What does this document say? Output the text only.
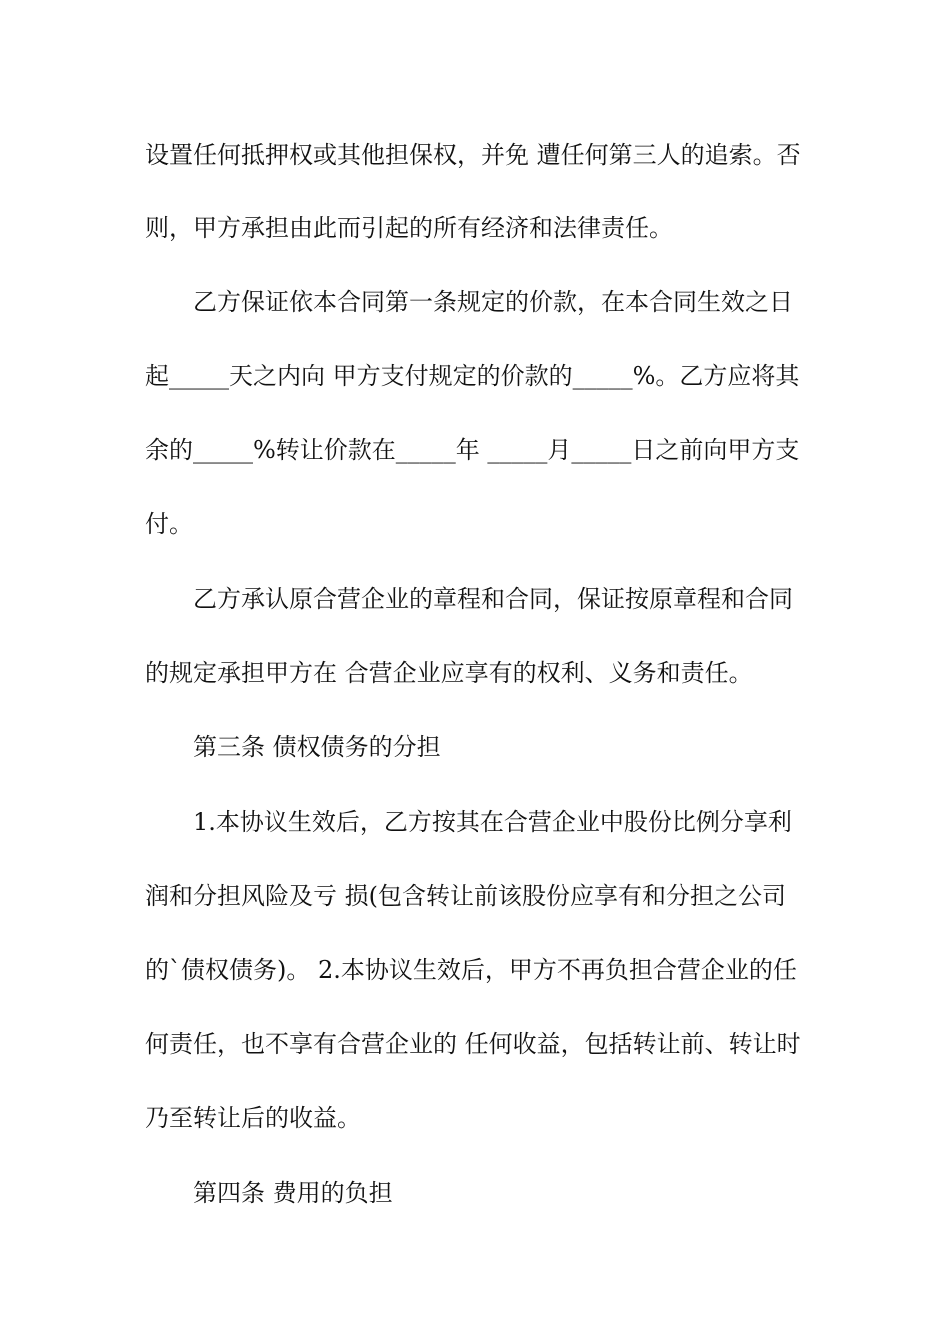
设置任何抵押权或其他担保权，并免 遭任何第三人的追索。否
则，甲方承担由此而引起的所有经济和法律责任。
乙方保证依本合同第一条规定的价款，在本合同生效之日
起_____天之内向 甲方支付规定的价款的_____%。乙方应将其
余的_____%转让价款在_____年 _____月_____日之前向甲方支
付。
乙方承认原合营企业的章程和合同，保证按原章程和合同
的规定承担甲方在 合营企业应享有的权利、义务和责任。
第三条 债权债务的分担
1.本协议生效后，乙方按其在合营企业中股份比例分享利
润和分担风险及亏 损(包含转让前该股份应享有和分担之公司
的`债权债务)。 2.本协议生效后，甲方不再负担合营企业的任
何责任，也不享有合营企业的 任何收益，包括转让前、转让时
乃至转让后的收益。
第四条 费用的负担
